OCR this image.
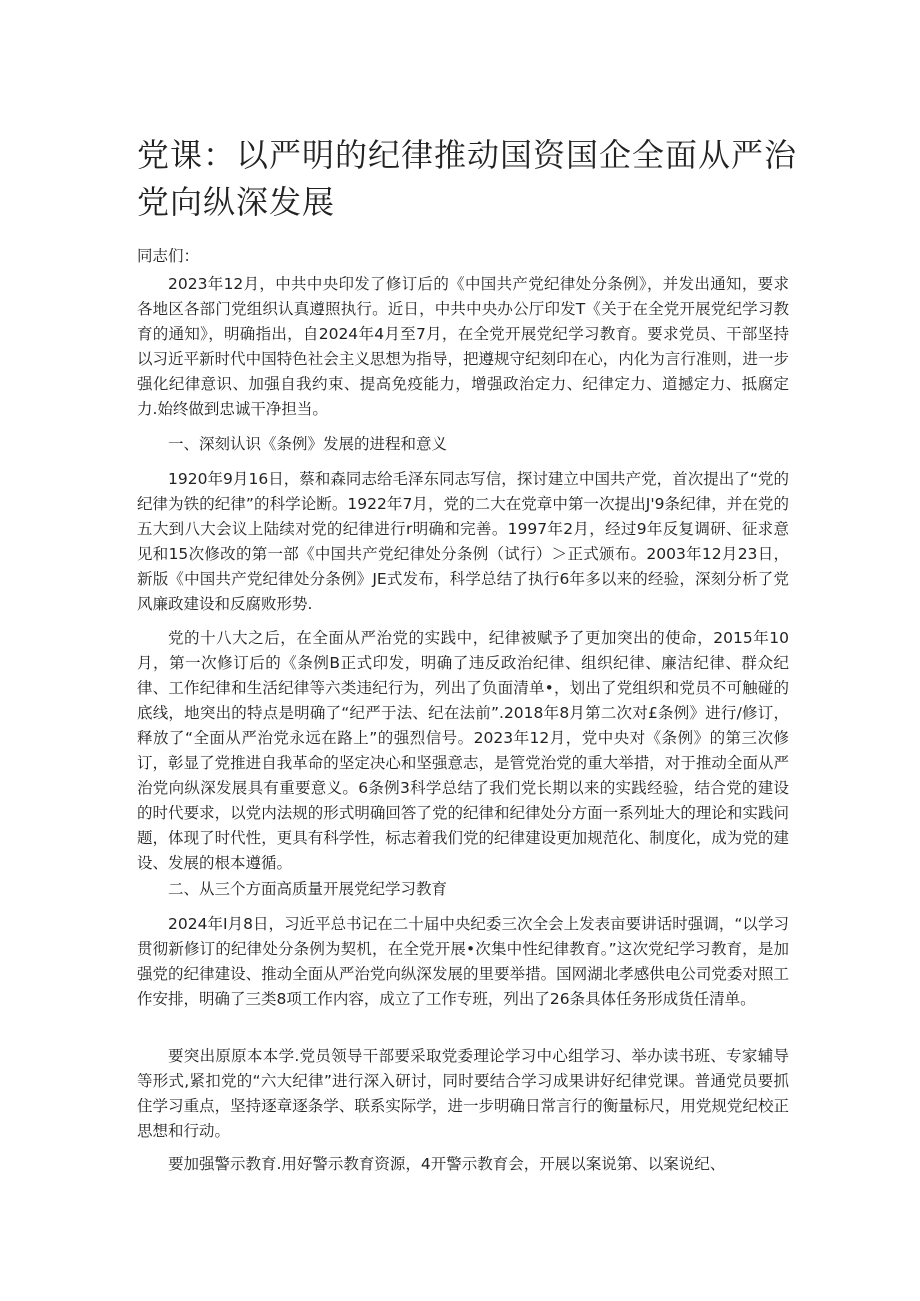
党课：以严明的纪律推动国资国企全面从严治党向纵深发展

同志们：

2023年12月，中共中央印发了修订后的《中国共产党纪律处分条例》，并发出通知，要求各地区各部门党组织认真遵照执行。近日，中共中央办公厅印发T《关于在全党开展党纪学习教育的通知》，明确指出，自2024年4月至7月，在全党开展党纪学习教育。要求党员、干部坚持以习近平新时代中国特色社会主义思想为指导，把遵规守纪刻印在心，内化为言行准则，进一步强化纪律意识、加强自我约束、提高免疫能力，增强政治定力、纪律定力、道撼定力、抵腐定力.始终做到忠诚干净担当。

一、深刻认识《条例》发展的进程和意义

1920年9月16日，蔡和森同志给毛泽东同志写信，探讨建立中国共产党，首次提出了“党的纪律为铁的纪律”的科学论断。1922年7月，党的二大在党章中第一次提出J'9条纪律，并在党的五大到八大会议上陆续对党的纪律进行r明确和完善。1997年2月，经过9年反复调研、征求意见和15次修改的第一部《中国共产党纪律处分条例（试行）＞正式颁布。2003年12月23日，新版《中国共产党纪律处分条例》JE式发布，科学总结了执行6年多以来的经验，深刻分析了党风廉政建设和反腐败形势.

党的十八大之后，在全面从严治党的实践中，纪律被赋予了更加突出的使命，2015年10月，第一次修订后的《条例B正式印发，明确了违反政治纪律、组织纪律、廉洁纪律、群众纪律、工作纪律和生活纪律等六类违纪行为，列出了负面清单•，划出了党组织和党员不可触碰的底线，地突出的特点是明确了“纪严于法、纪在法前”.2018年8月第二次对£条例》进行/修订，释放了“全面从严治党永远在路上”的强烈信号。2023年12月，党中央对《条例》的第三次修订，彰显了党推进自我革命的坚定决心和坚强意志，是管党治党的重大举措，对于推动全面从严治党向纵深发展具有重要意义。6条例3科学总结了我们党长期以来的实践经验，结合党的建设的时代要求，以党内法规的形式明确回答了党的纪律和纪律处分方面一系列址大的理论和实践问题，体现了时代性，更具有科学性，标志着我们党的纪律建设更加规范化、制度化，成为党的建设、发展的根本遵循。

二、从三个方面高质量开展党纪学习教育

2024年I月8日，习近平总书记在二十届中央纪委三次全会上发表亩要讲话时强调，“以学习贯彻新修订的纪律处分条例为契机，在全党开展•次集中性纪律教育。”这次党纪学习教育，是加强党的纪律建设、推动全面从严治党向纵深发展的里要举措。国网湖北孝感供电公司党委对照工作安排，明确了三类8项工作内容，成立了工作专班，列出了26条具体任务形成货任清单。

要突出原原本本学.党员领导干部要采取党委理论学习中心组学习、举办读书班、专家辅导等形式,紧扣党的“六大纪律”进行深入研讨，同时要结合学习成果讲好纪律党课。普通党员要抓住学习重点，坚持逐章逐条学、联系实际学，进一步明确日常言行的衡量标尺，用党规党纪校正思想和行动。

要加强警示教育.用好警示教育资源，4开警示教育会，开展以案说第、以案说纪、
